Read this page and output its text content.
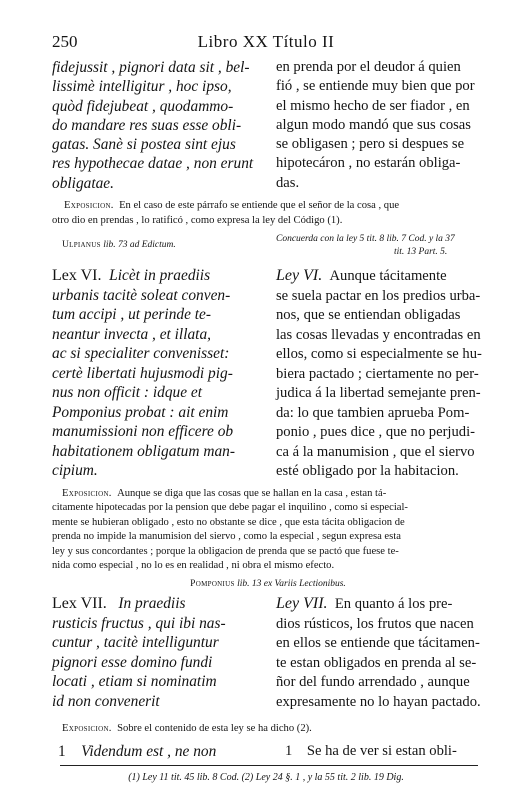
250	Libro XX Título II
fidejussit , pignori data sit , bel-
lissimè intelligitur , hoc ipso,
quòd fidejubeat , quodammo-
do mandare res suas esse obli-
gatas. Sanè si postea sint ejus
res hypothecae datae , non erunt
obligatae.
en prenda por el deudor á quien
fió , se entiende muy bien que por
el mismo hecho de ser fiador , en
algun modo mandó que sus cosas
se obligasen ; pero si despues se
hipotecáron , no estarán obliga-
das.
Exposicion. En el caso de este párrafo se entiende que el señor de la cosa , que
otro dio en prendas , lo ratificó , como expresa la ley del Código (1).
Ulpianus lib. 73 ad Edictum.
Concuerda con la ley 5 tit. 8 lib. 7 Cod. y la 37
tit. 13 Part. 5.
Lex VI. Licèt in praediis
urbanis tacitè soleat conven-
tum accipi , ut perinde te-
neantur invecta , et illata,
ac si specialiter convenisset:
certè libertati hujusmodi pig-
nus non officit : idque et
Pomponius probat : ait enim
manumissioni non efficere ob
habitationem obligatum man-
cipium.
Ley VI. Aunque tácitamente
se suela pactar en los predios urba-
nos, que se entiendan obligadas
las cosas llevadas y encontradas en
ellos, como si especialmente se hu-
biera pactado ; ciertamente no per-
judica á la libertad semejante pren-
da: lo que tambien aprueba Pom-
ponio , pues dice , que no perjudi-
ca á la manumision , que el siervo
esté obligado por la habitacion.
Exposicion. Aunque se diga que las cosas que se hallan en la casa , estan tá-
citamente hipotecadas por la pension que debe pagar el inquilino , como si especial-
mente se hubieran obligado , esto no obstante se dice , que esta tácita obligacion de
prenda no impide la manumision del siervo , como la especial , segun expresa esta
ley y sus concordantes ; porque la obligacion de prenda que se pactó que fuese te-
nida como especial , no lo es en realidad , ni obra el mismo efecto.
Pomponius lib. 13 ex Variis Lectionibus.
Lex VII. In praediis
rusticis fructus , qui ibi nas-
cuntur , tacitè intelliguntur
pignori esse domino fundi
locati , etiam si nominatim
id non convenerit
Ley VII. En quanto á los pre-
dios rústicos, los frutos que nacen
en ellos se entiende que tácitamen-
te estan obligados en prenda al se-
ñor del fundo arrendado , aunque
expresamente no lo hayan pactado.
Exposicion. Sobre el contenido de esta ley se ha dicho (2).
1 Videndum est , ne non	1 Se ha de ver si estan obli-
(1) Ley 11 tit. 45 lib. 8 Cod. (2) Ley 24 §. 1 , y la 55 tit. 2 lib. 19 Dig.
